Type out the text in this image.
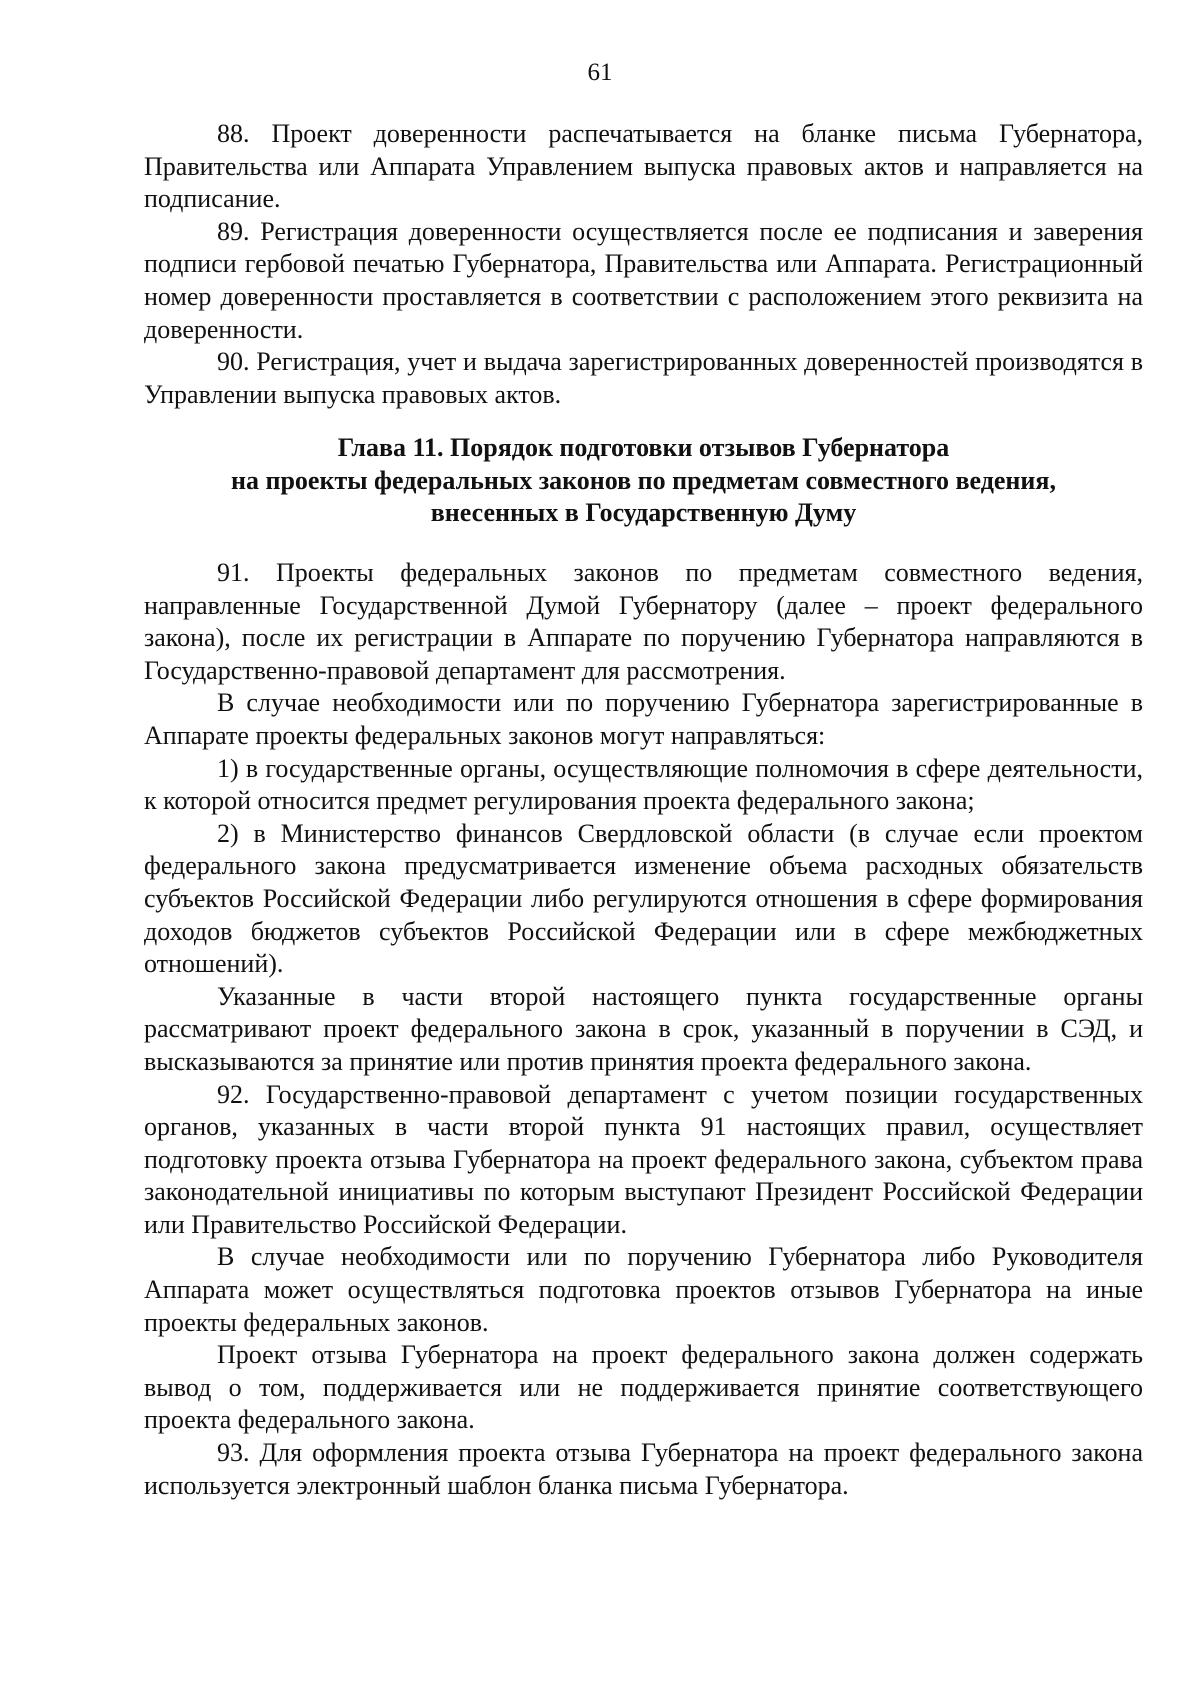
61

88. Проект доверенности распечатывается на бланке письма Губернатора, Правительства или Аппарата Управлением выпуска правовых актов и направляется на подписание.

89. Регистрация доверенности осуществляется после ее подписания и заверения подписи гербовой печатью Губернатора, Правительства или Аппарата. Регистрационный номер доверенности проставляется в соответствии с расположением этого реквизита на доверенности.

90. Регистрация, учет и выдача зарегистрированных доверенностей производятся в Управлении выпуска правовых актов.

Глава 11. Порядок подготовки отзывов Губернатора
на проекты федеральных законов по предметам совместного ведения,
внесенных в Государственную Думу

91. Проекты федеральных законов по предметам совместного ведения, направленные Государственной Думой Губернатору (далее – проект федерального закона), после их регистрации в Аппарате по поручению Губернатора направляются в Государственно-правовой департамент для рассмотрения.

В случае необходимости или по поручению Губернатора зарегистрированные в Аппарате проекты федеральных законов могут направляться:

1) в государственные органы, осуществляющие полномочия в сфере деятельности, к которой относится предмет регулирования проекта федерального закона;

2) в Министерство финансов Свердловской области (в случае если проектом федерального закона предусматривается изменение объема расходных обязательств субъектов Российской Федерации либо регулируются отношения в сфере формирования доходов бюджетов субъектов Российской Федерации или в сфере межбюджетных отношений).

Указанные в части второй настоящего пункта государственные органы рассматривают проект федерального закона в срок, указанный в поручении в СЭД, и высказываются за принятие или против принятия проекта федерального закона.

92. Государственно-правовой департамент с учетом позиции государственных органов, указанных в части второй пункта 91 настоящих правил, осуществляет подготовку проекта отзыва Губернатора на проект федерального закона, субъектом права законодательной инициативы по которым выступают Президент Российской Федерации или Правительство Российской Федерации.

В случае необходимости или по поручению Губернатора либо Руководителя Аппарата может осуществляться подготовка проектов отзывов Губернатора на иные проекты федеральных законов.

Проект отзыва Губернатора на проект федерального закона должен содержать вывод о том, поддерживается или не поддерживается принятие соответствующего проекта федерального закона.

93. Для оформления проекта отзыва Губернатора на проект федерального закона используется электронный шаблон бланка письма Губернатора.
